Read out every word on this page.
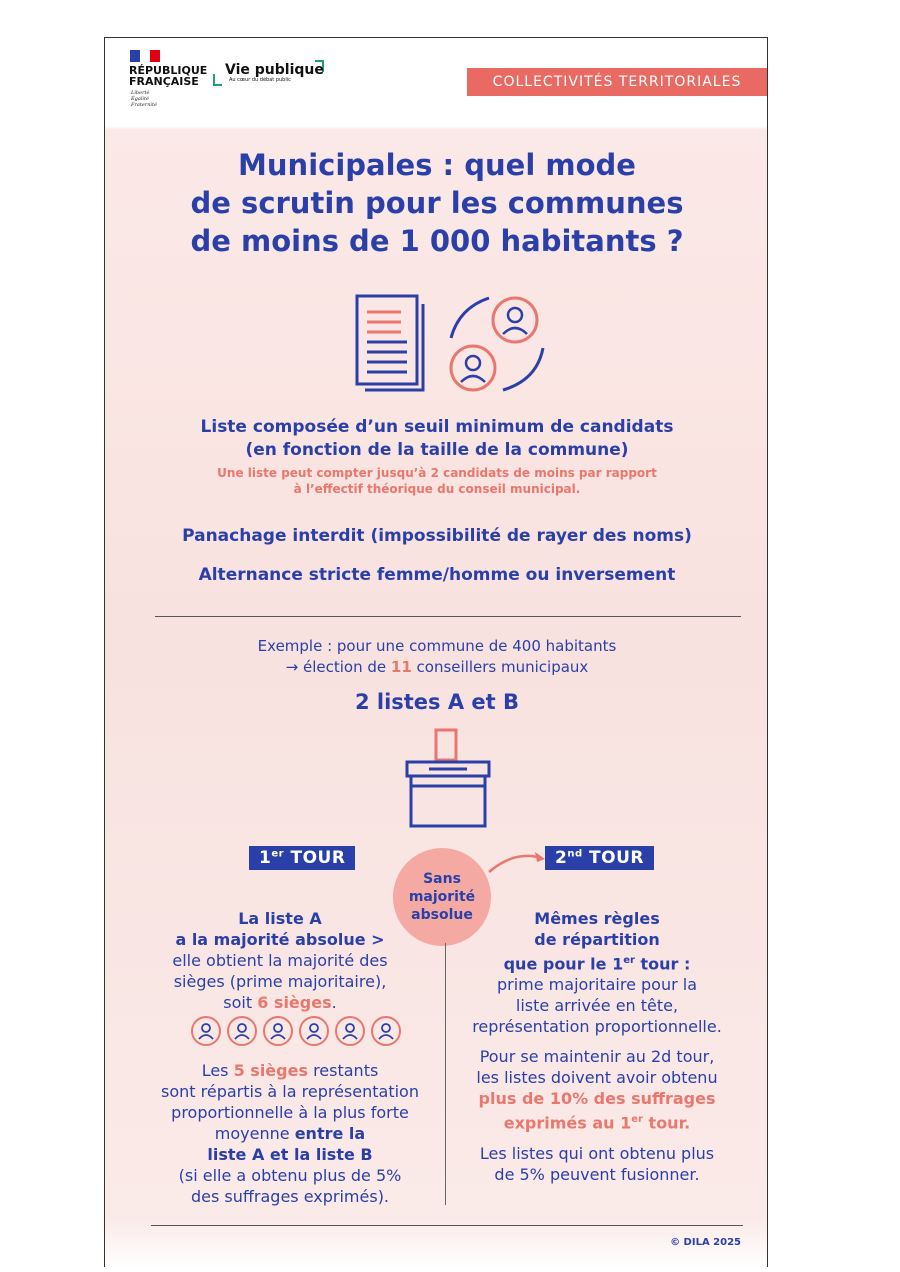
RÉPUBLIQUE
FRANÇAISE
Liberté
Égalité
Fraternité
Vie publique
Au cœur du débat public	COLLECTIVITÉS TERRITORIALES
Municipales : quel mode
de scrutin pour les communes
de moins de 1 000 habitants ?
Liste composée d’un seuil minimum de candidats
(en fonction de la taille de la commune)
Une liste peut compter jusqu’à 2 candidats de moins par rapport
à l’effectif théorique du conseil municipal.
Panachage interdit (impossibilité de rayer des noms)
Alternance stricte femme/homme ou inversement
Exemple : pour une commune de 400 habitants
→ élection de 11 conseillers municipaux
2 listes A et B
1er TOUR	2nd TOUR
Sans
majorité
absolue

La liste A

a la majorité absolue >

elle obtient la majorité des

sièges (prime majoritaire),

soit 6 sièges.

Les 5 sièges restants

sont répartis à la représentation

proportionnelle à la plus forte

moyenne entre la

liste A et la liste B

(si elle a obtenu plus de 5%

des suffrages exprimés).

Mêmes règles

de répartition

que pour le 1er tour :

prime majoritaire pour la

liste arrivée en tête,

représentation proportionnelle.

Pour se maintenir au 2d tour,

les listes doivent avoir obtenu

plus de 10% des suffrages

exprimés au 1er tour.

Les listes qui ont obtenu plus

de 5% peuvent fusionner.

© DILA 2025
